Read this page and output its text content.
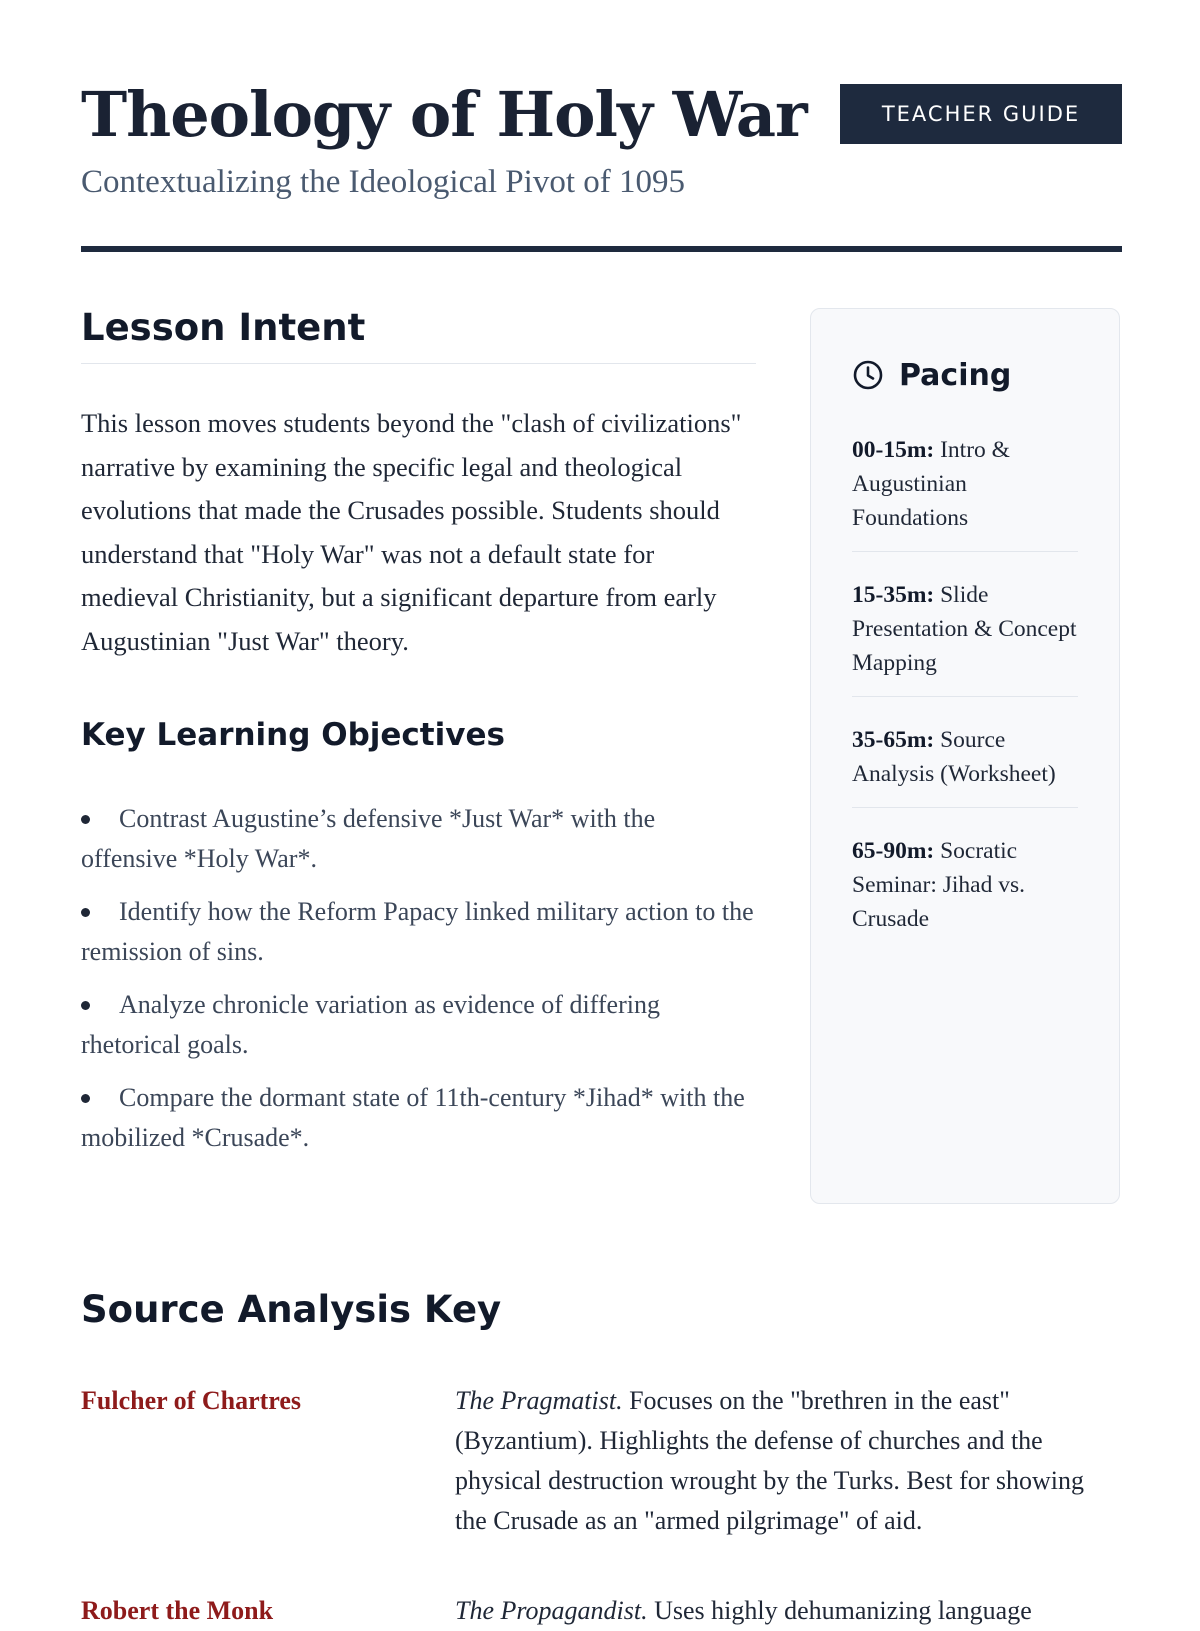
Theology of Holy War

Contextualizing the Ideological Pivot of 1095

TEACHER GUIDE
Lesson Intent

This lesson moves students beyond the "clash of civilizations" narrative by examining the specific legal and theological evolutions that made the Crusades possible. Students should understand that "Holy War" was not a default state for medieval Christianity, but a significant departure from early Augustinian "Just War" theory.

Key Learning Objectives
Contrast Augustine’s defensive *Just War* with the offensive *Holy War*.
Identify how the Reform Papacy linked military action to the remission of sins.
Analyze chronicle variation as evidence of differing rhetorical goals.
Compare the dormant state of 11th-century *Jihad* with the mobilized *Crusade*.
Pacing
00-15m: Intro & Augustinian Foundations
15-35m: Slide Presentation & Concept Mapping
35-65m: Source Analysis (Worksheet)
65-90m: Socratic Seminar: Jihad vs. Crusade
Source Analysis Key
Fulcher of Chartres	The Pragmatist. Focuses on the "brethren in the east" (Byzantium). Highlights the defense of churches and the physical destruction wrought by the Turks. Best for showing the Crusade as an "armed pilgrimage" of aid.
Robert the Monk	The Propagandist. Uses highly dehumanizing language
